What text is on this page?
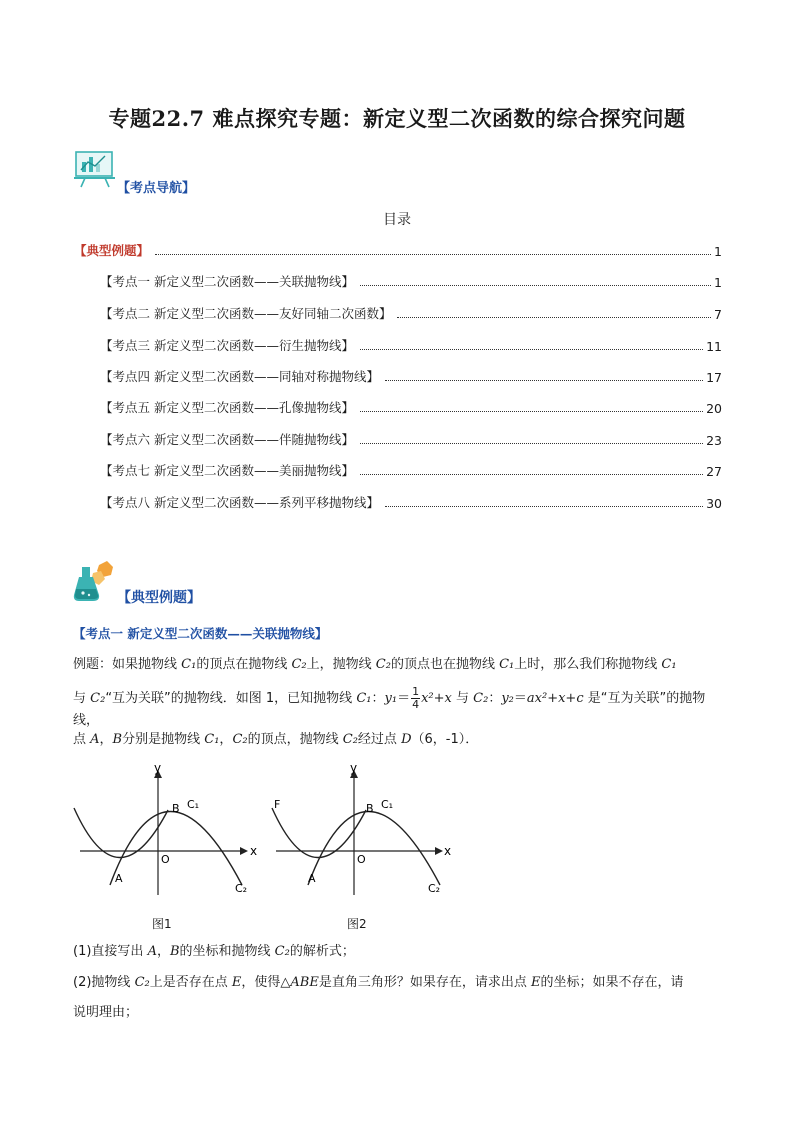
专题22.7 难点探究专题：新定义型二次函数的综合探究问题
【考点导航】
目录
【典型例题】	1
【考点一 新定义型二次函数——关联抛物线】	1
【考点二 新定义型二次函数——友好同轴二次函数】	7
【考点三 新定义型二次函数——衍生抛物线】	11
【考点四 新定义型二次函数——同轴对称抛物线】	17
【考点五 新定义型二次函数——孔像抛物线】	20
【考点六 新定义型二次函数——伴随抛物线】	23
【考点七 新定义型二次函数——美丽抛物线】	27
【考点八 新定义型二次函数——系列平移抛物线】	30
【典型例题】
【考点一 新定义型二次函数——关联抛物线】
例题：如果抛物线 C₁的顶点在抛物线 C₂上，抛物线 C₂的顶点也在抛物线 C₁上时，那么我们称抛物线 C₁
与 C₂“互为关联”的抛物线．如图 1，已知抛物线 C₁：$y_1= \frac{1}{4} x^2+x$ 与 C₂：y₂＝ax²+x+c 是“互为关联”的抛物线，
点 A，B分别是抛物线 C₁，C₂的顶点，抛物线 C₂经过点 D（6，-1）．
x
y
O
A
B C₁
C₂
图1
x
y
O
F
A
B C₁
C₂
图2
(1)直接写出 A，B的坐标和抛物线 C₂的解析式；
(2)抛物线 C₂上是否存在点 E，使得△ABE是直角三角形？如果存在，请求出点 E的坐标；如果不存在，请
说明理由；
